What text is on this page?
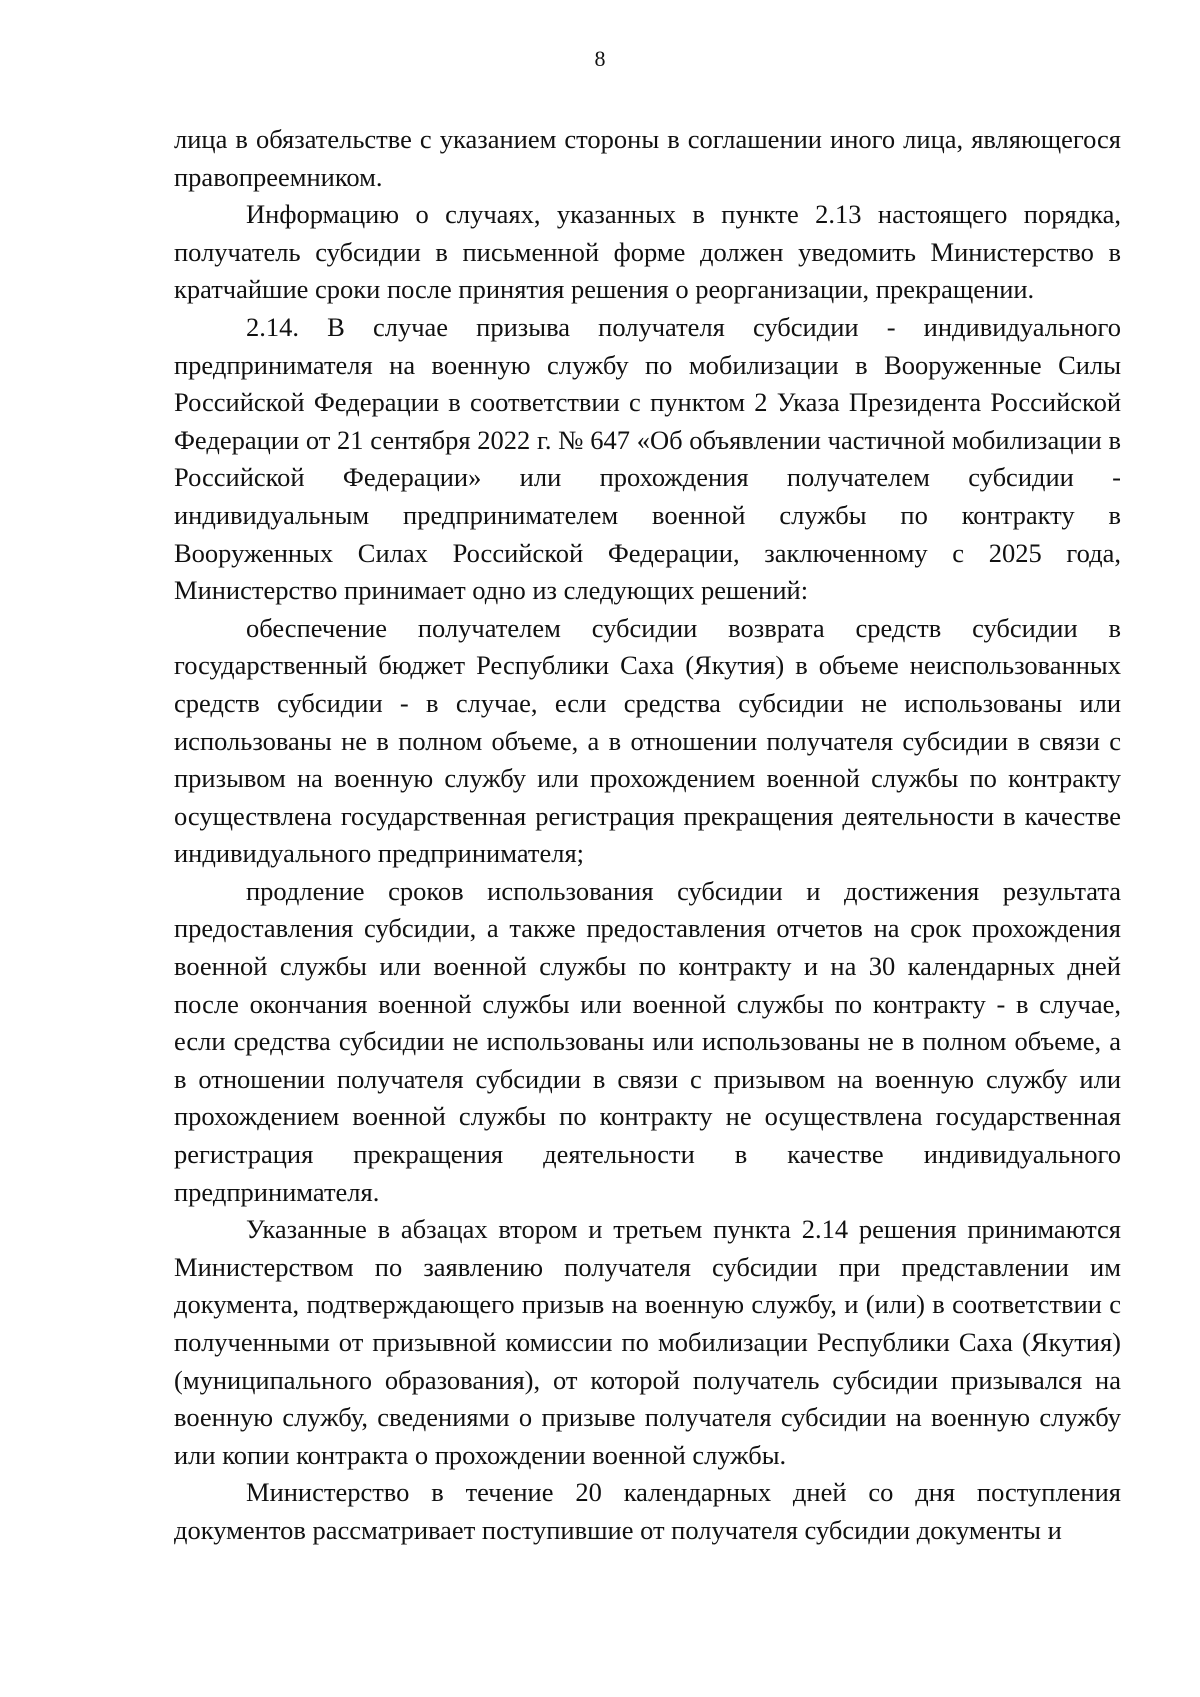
8

лица в обязательстве с указанием стороны в соглашении иного лица, являющегося правопреемником.

Информацию о случаях, указанных в пункте 2.13 настоящего порядка, получатель субсидии в письменной форме должен уведомить Министерство в кратчайшие сроки после принятия решения о реорганизации, прекращении.

2.14. В случае призыва получателя субсидии - индивидуального предпринимателя на военную службу по мобилизации в Вооруженные Силы Российской Федерации в соответствии с пунктом 2 Указа Президента Российской Федерации от 21 сентября 2022 г. № 647 «Об объявлении частичной мобилизации в Российской Федерации» или прохождения получателем субсидии - индивидуальным предпринимателем военной службы по контракту в Вооруженных Силах Российской Федерации, заключенному с 2025 года, Министерство принимает одно из следующих решений:

обеспечение получателем субсидии возврата средств субсидии в государственный бюджет Республики Саха (Якутия) в объеме неиспользованных средств субсидии - в случае, если средства субсидии не использованы или использованы не в полном объеме, а в отношении получателя субсидии в связи с призывом на военную службу или прохождением военной службы по контракту осуществлена государственная регистрация прекращения деятельности в качестве индивидуального предпринимателя;

продление сроков использования субсидии и достижения результата предоставления субсидии, а также предоставления отчетов на срок прохождения военной службы или военной службы по контракту и на 30 календарных дней после окончания военной службы или военной службы по контракту - в случае, если средства субсидии не использованы или использованы не в полном объеме, а в отношении получателя субсидии в связи с призывом на военную службу или прохождением военной службы по контракту не осуществлена государственная регистрация прекращения деятельности в качестве индивидуального предпринимателя.

Указанные в абзацах втором и третьем пункта 2.14 решения принимаются Министерством по заявлению получателя субсидии при представлении им документа, подтверждающего призыв на военную службу, и (или) в соответствии с полученными от призывной комиссии по мобилизации Республики Саха (Якутия) (муниципального образования), от которой получатель субсидии призывался на военную службу, сведениями о призыве получателя субсидии на военную службу или копии контракта о прохождении военной службы.

Министерство в течение 20 календарных дней со дня поступления документов рассматривает поступившие от получателя субсидии документы и
